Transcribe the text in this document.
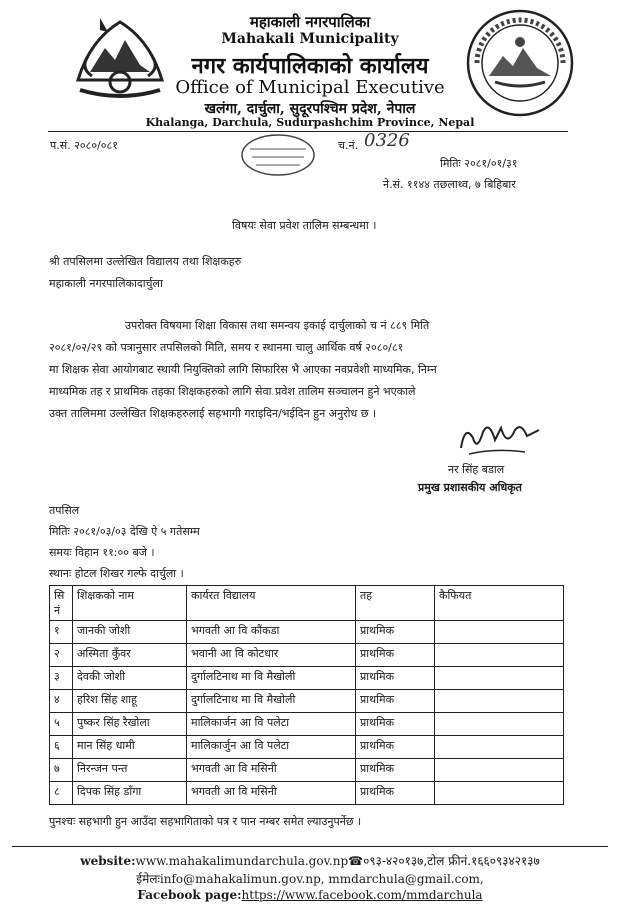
महाकाली नगरपालिका
Mahakali Municipality
नगर कार्यपालिकाको कार्यालय
Office of Municipal Executive
खलंगा, दार्चुला, सुदूरपश्चिम प्रदेश, नेपाल
Khalanga, Darchula, Sudurpashchim Province, Nepal
प.सं. २०८०/०८१	च.नं. 0326
मितिः २०८१/०१/३१
ने.सं. ११४४ तछलाथ्व, ७ बिहिबार
विषयः सेवा प्रवेश तालिम सम्बन्धमा ।
श्री तपसिलमा उल्लेखित विद्यालय तथा शिक्षकहरु
महाकाली नगरपालिकादार्चुला
उपरोक्त विषयमा शिक्षा विकास तथा समन्वय इकाई दार्चुलाको च नं ८८९ मिति
२०८१/०२/२९ को पत्रानुसार तपसिलको मिति, समय र स्थानमा चालु आर्थिक वर्ष २०८०/८१
मा शिक्षक सेवा आयोगबाट स्थायी नियुक्तिको लागि सिफारिस भै आएका नवप्रवेशी माध्यमिक, निम्न
माध्यमिक तह र प्राथमिक तहका शिक्षकहरुको लागि सेवा प्रवेश तालिम सञ्चालन हुने भएकाले
उक्त तालिममा उल्लेखित शिक्षकहरुलाई सहभागी गराइदिन/भईदिन हुन अनुरोध छ ।
नर सिंह बडाल
प्रमुख प्रशासकीय अधिकृत
तपसिल
मितिः २०८१/०३/०३ देखि ऐ ५ गतेसम्म
समयः विहान ११:०० बजे ।
स्थानः होटल शिखर गल्फे दार्चुला ।
सि नं	शिक्षकको नाम	कार्यरत विद्यालय	तह	कैफियत
१	जानकी जोशी	भगवती आ वि कौंकडा	प्राथमिक	
२	अस्मिता कुँवर	भवानी आ वि कोटधार	प्राथमिक	
३	देवकी जोशी	दुर्गालटिनाथ मा वि मैखोली	प्राथमिक	
४	हरिश सिंह शाहू	दुर्गालटिनाथ मा वि मैखोली	प्राथमिक	
५	पुष्कर सिंह रैखोला	मालिकार्जन आ वि पलेटा	प्राथमिक	
६	मान सिंह धामी	मालिकार्जुन आ वि पलेटा	प्राथमिक	
७	निरन्जन पन्त	भगवती आ वि मसिनी	प्राथमिक	
८	दिपक सिंह डाँगा	भगवती आ वि मसिनी	प्राथमिक	
पुनश्चः सहभागी हुन आउँदा सहभागिताको पत्र र पान नम्बर समेत ल्याउनुपर्नेछ ।
website:www.mahakalimundarchula.gov.np☎०९३-४२०१३७,टोल फ्रीनं.१६६०९३४२१३७
ईमेलःinfo@mahakalimun.gov.np, mmdarchula@gmail.com,
Facebook page:https://www.facebook.com/mmdarchula
